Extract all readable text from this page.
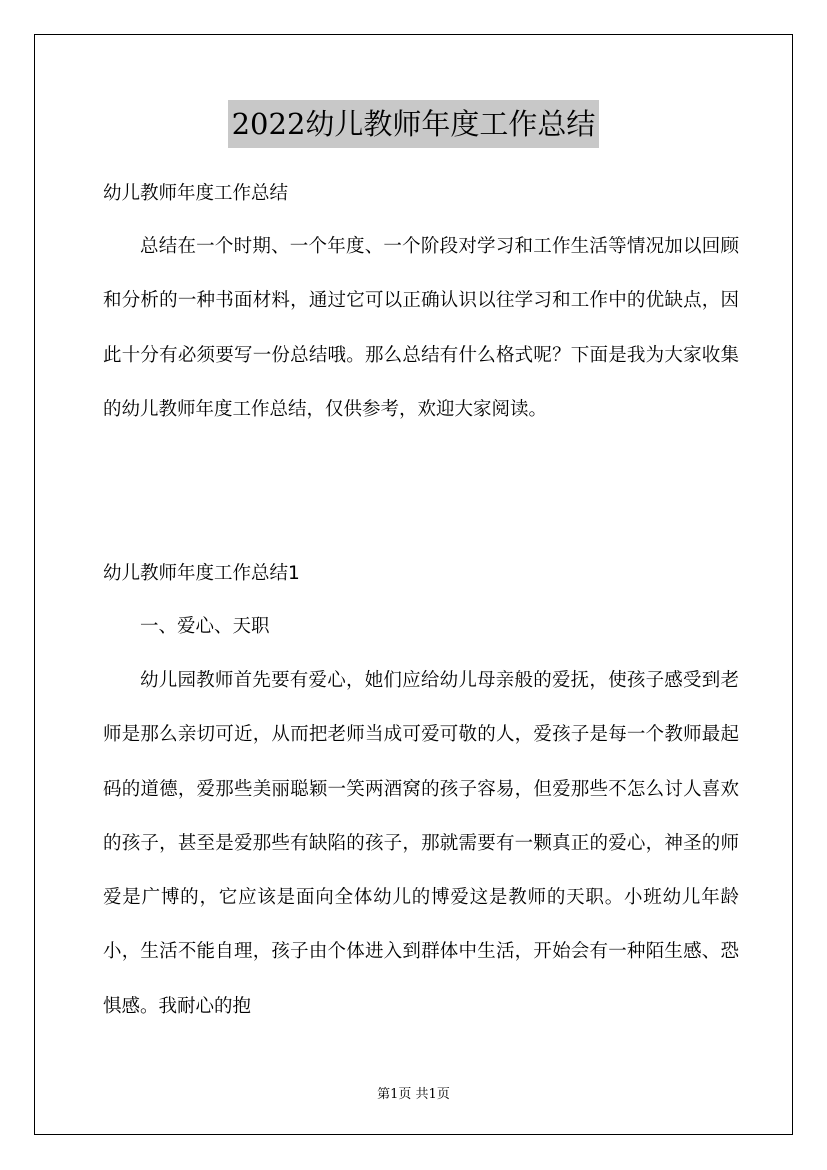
2022幼儿教师年度工作总结
幼儿教师年度工作总结
总结在一个时期、一个年度、一个阶段对学习和工作生活等情况加以回顾和分析的一种书面材料，通过它可以正确认识以往学习和工作中的优缺点，因此十分有必须要写一份总结哦。那么总结有什么格式呢？下面是我为大家收集的幼儿教师年度工作总结，仅供参考，欢迎大家阅读。
幼儿教师年度工作总结1
一、爱心、天职
幼儿园教师首先要有爱心，她们应给幼儿母亲般的爱抚，使孩子感受到老师是那么亲切可近，从而把老师当成可爱可敬的人，爱孩子是每一个教师最起码的道德，爱那些美丽聪颖一笑两酒窝的孩子容易，但爱那些不怎么讨人喜欢的孩子，甚至是爱那些有缺陷的孩子，那就需要有一颗真正的爱心，神圣的师爱是广博的，它应该是面向全体幼儿的博爱这是教师的天职。小班幼儿年龄小，生活不能自理，孩子由个体进入到群体中生活，开始会有一种陌生感、恐惧感。我耐心的抱
第1页 共1页
